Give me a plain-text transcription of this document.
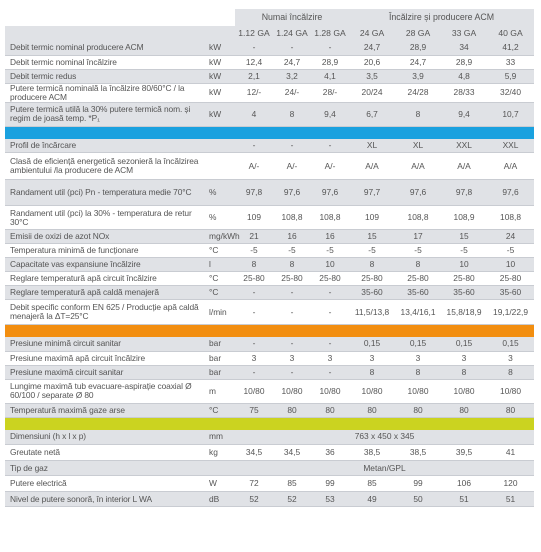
		Numai încălzire			Încălzire și producere ACM			
		1.12 GA	1.24 GA	1.28 GA	24 GA	28 GA	33 GA	40 GA
Debit termic nominal producere ACM	kW	-	-	-	24,7	28,9	34	41,2
Debit termic nominal încălzire	kW	12,4	24,7	28,9	20,6	24,7	28,9	33
Debit termic redus	kW	2,1	3,2	4,1	3,5	3,9	4,8	5,9
Putere termică nominală la încălzire 80/60°C / la producere ACM	kW	12/-	24/-	28/-	20/24	24/28	28/33	32/40
Putere termică utilă la 30% putere termică nom. și regim de joasă temp. *P₁	kW	4	8	9,4	6,7	8	9,4	10,7

Profil de încărcare		-	-	-	XL	XL	XXL	XXL
Clasă de eficiență energetică sezonieră la încălzirea ambientului /la producere de ACM		A/-	A/-	A/-	A/A	A/A	A/A	A/A
Randament util (pci) Pn - temperatura medie 70°C	%	97,8	97,6	97,6	97,7	97,6	97,8	97,6
Randament util (pci) la 30% - temperatura de retur 30°C	%	109	108,8	108,8	109	108,8	108,9	108,8
Emisii de oxizi de azot NOx	mg/kWh	21	16	16	15	17	15	24
Temperatura minimă de funcționare	°C	-5	-5	-5	-5	-5	-5	-5
Capacitate vas expansiune încălzire	l	8	8	10	8	8	10	10
Reglare temperatură apă circuit încălzire	°C	25-80	25-80	25-80	25-80	25-80	25-80	25-80
Reglare temperatură apă caldă menajeră	°C	-	-	-	35-60	35-60	35-60	35-60
Debit specific conform EN 625 / Producție apă caldă menajeră la ΔT=25°C	l/min	-	-	-	11,5/13,8	13,4/16,1	15,8/18,9	19,1/22,9

Presiune minimă circuit sanitar	bar	-	-	-	0,15	0,15	0,15	0,15
Presiune maximă apă circuit încălzire	bar	3	3	3	3	3	3	3
Presiune maximă circuit sanitar	bar	-	-	-	8	8	8	8
Lungime maximă tub evacuare-aspirație coaxial Ø 60/100 / separate Ø 80	m	10/80	10/80	10/80	10/80	10/80	10/80	10/80
Temperatură maximă gaze arse	°C	75	80	80	80	80	80	80

Dimensiuni (h x l x p)	mm	763 x 450 x 345						
Greutate netă	kg	34,5	34,5	36	38,5	38,5	39,5	41
Tip de gaz		Metan/GPL						
Putere electrică	W	72	85	99	85	99	106	120
Nivel de putere sonoră, în interior L WA	dB	52	52	53	49	50	51	51
